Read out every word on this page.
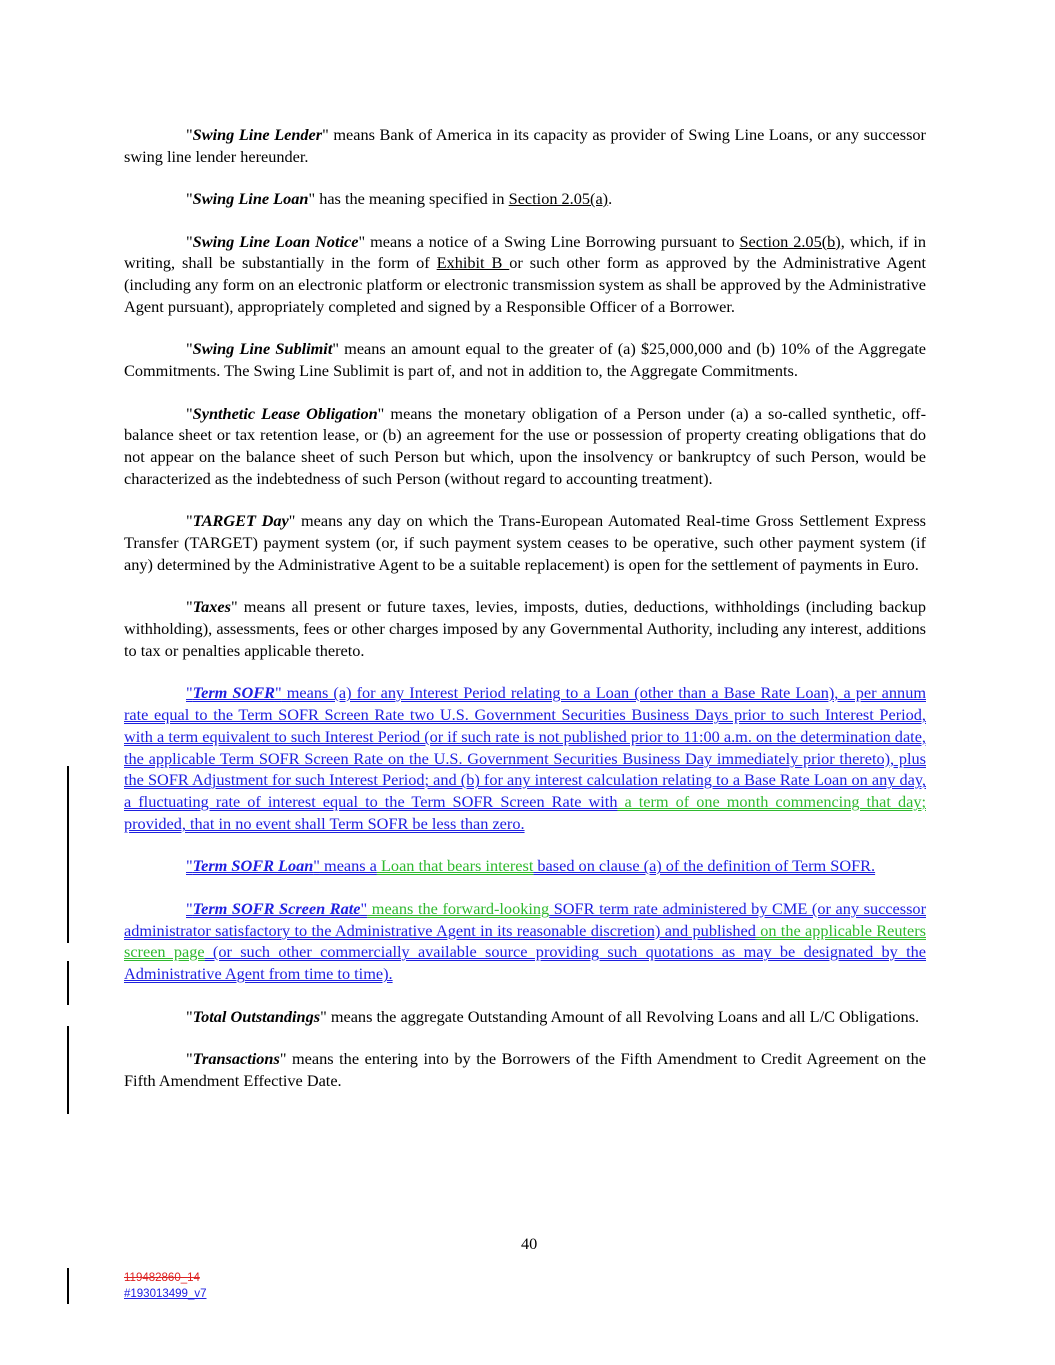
"Swing Line Lender" means Bank of America in its capacity as provider of Swing Line Loans, or any successor swing line lender hereunder.

"Swing Line Loan" has the meaning specified in Section 2.05(a).

"Swing Line Loan Notice" means a notice of a Swing Line Borrowing pursuant to Section 2.05(b), which, if in writing, shall be substantially in the form of Exhibit B or such other form as approved by the Administrative Agent (including any form on an electronic platform or electronic transmission system as shall be approved by the Administrative Agent pursuant), appropriately completed and signed by a Responsible Officer of a Borrower.

"Swing Line Sublimit" means an amount equal to the greater of (a) $25,000,000 and (b) 10% of the Aggregate Commitments. The Swing Line Sublimit is part of, and not in addition to, the Aggregate Commitments.

"Synthetic Lease Obligation" means the monetary obligation of a Person under (a) a so-called synthetic, off-balance sheet or tax retention lease, or (b) an agreement for the use or possession of property creating obligations that do not appear on the balance sheet of such Person but which, upon the insolvency or bankruptcy of such Person, would be characterized as the indebtedness of such Person (without regard to accounting treatment).

"TARGET Day" means any day on which the Trans-European Automated Real-time Gross Settlement Express Transfer (TARGET) payment system (or, if such payment system ceases to be operative, such other payment system (if any) determined by the Administrative Agent to be a suitable replacement) is open for the settlement of payments in Euro.

"Taxes" means all present or future taxes, levies, imposts, duties, deductions, withholdings (including backup withholding), assessments, fees or other charges imposed by any Governmental Authority, including any interest, additions to tax or penalties applicable thereto.

"Term SOFR" means (a) for any Interest Period relating to a Loan (other than a Base Rate Loan), a per annum rate equal to the Term SOFR Screen Rate two U.S. Government Securities Business Days prior to such Interest Period, with a term equivalent to such Interest Period (or if such rate is not published prior to 11:00 a.m. on the determination date, the applicable Term SOFR Screen Rate on the U.S. Government Securities Business Day immediately prior thereto), plus the SOFR Adjustment for such Interest Period; and (b) for any interest calculation relating to a Base Rate Loan on any day, a fluctuating rate of interest equal to the Term SOFR Screen Rate with a term of one month commencing that day; provided, that in no event shall Term SOFR be less than zero.

"Term SOFR Loan" means a Loan that bears interest based on clause (a) of the definition of Term SOFR.

"Term SOFR Screen Rate" means the forward-looking SOFR term rate administered by CME (or any successor administrator satisfactory to the Administrative Agent in its reasonable discretion) and published on the applicable Reuters screen page (or such other commercially available source providing such quotations as may be designated by the Administrative Agent from time to time).

"Total Outstandings" means the aggregate Outstanding Amount of all Revolving Loans and all L/C Obligations.

"Transactions" means the entering into by the Borrowers of the Fifth Amendment to Credit Agreement on the Fifth Amendment Effective Date.

40
119482860_14
#193013499_v7
